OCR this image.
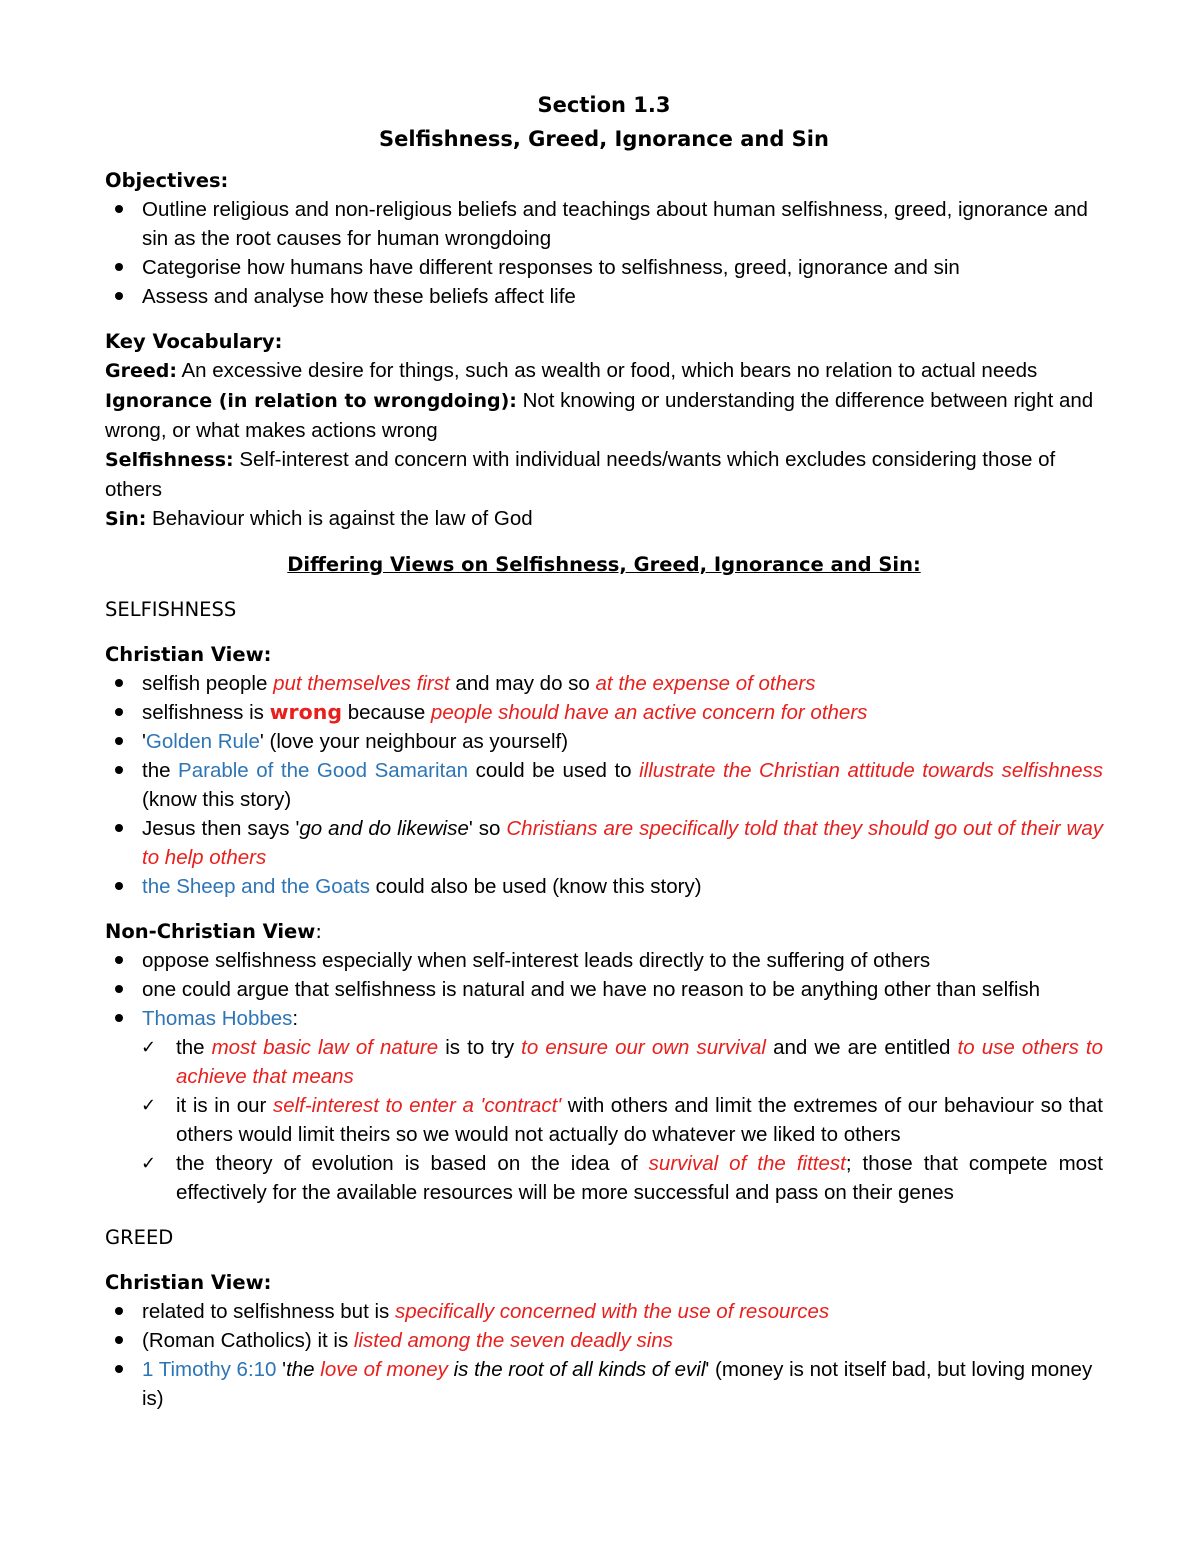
Section 1.3
Selfishness, Greed, Ignorance and Sin
Objectives:
Outline religious and non-religious beliefs and teachings about human selfishness, greed, ignorance and sin as the root causes for human wrongdoing
Categorise how humans have different responses to selfishness, greed, ignorance and sin
Assess and analyse how these beliefs affect life
Key Vocabulary:
Greed: An excessive desire for things, such as wealth or food, which bears no relation to actual needs
Ignorance (in relation to wrongdoing): Not knowing or understanding the difference between right and wrong, or what makes actions wrong
Selfishness: Self-interest and concern with individual needs/wants which excludes considering those of others
Sin: Behaviour which is against the law of God
Differing Views on Selfishness, Greed, Ignorance and Sin:
SELFISHNESS
Christian View:
selfish people put themselves first and may do so at the expense of others
selfishness is wrong because people should have an active concern for others
'Golden Rule' (love your neighbour as yourself)
the Parable of the Good Samaritan could be used to illustrate the Christian attitude towards selfishness (know this story)
Jesus then says 'go and do likewise' so Christians are specifically told that they should go out of their way to help others
the Sheep and the Goats could also be used (know this story)
Non-Christian View:
oppose selfishness especially when self-interest leads directly to the suffering of others
one could argue that selfishness is natural and we have no reason to be anything other than selfish
Thomas Hobbes:
✓ the most basic law of nature is to try to ensure our own survival and we are entitled to use others to achieve that means
✓ it is in our self-interest to enter a 'contract' with others and limit the extremes of our behaviour so that others would limit theirs so we would not actually do whatever we liked to others
✓ the theory of evolution is based on the idea of survival of the fittest; those that compete most effectively for the available resources will be more successful and pass on their genes
GREED
Christian View:
related to selfishness but is specifically concerned with the use of resources
(Roman Catholics) it is listed among the seven deadly sins
1 Timothy 6:10 'the love of money is the root of all kinds of evil' (money is not itself bad, but loving money is)
